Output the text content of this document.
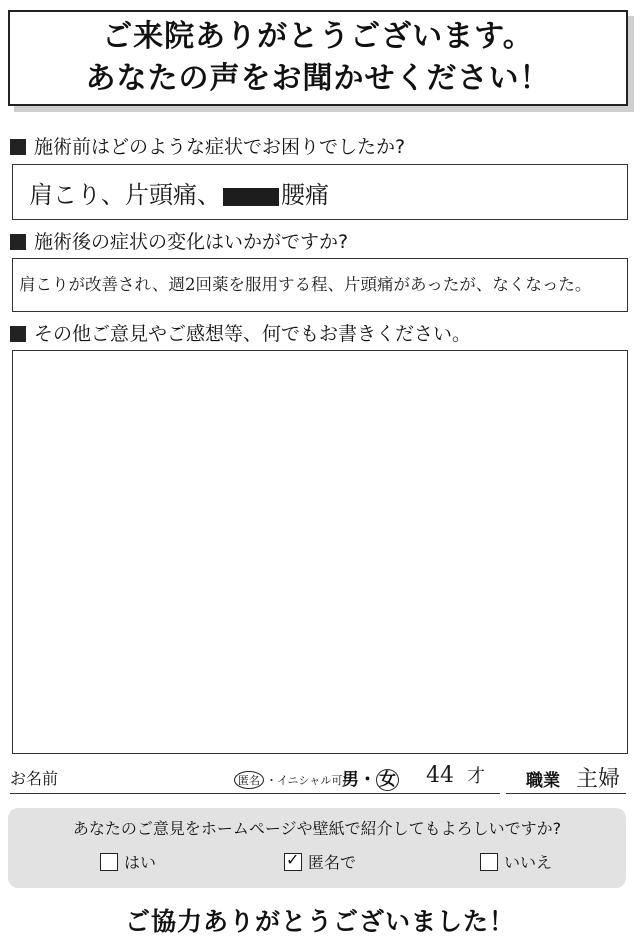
ご来院ありがとうございます。
あなたの声をお聞かせください！
施術前はどのような症状でお困りでしたか?
肩こり、片頭痛、	腰痛
施術後の症状の変化はいかがですか?
肩こりが改善され、週2回薬を服用する程、片頭痛があったが、なくなった。
その他ご意見やご感想等、何でもお書きください。
お名前	匿名 ・イニシャル可)
男・ 女 44 才 職業 主婦
あなたのご意見をホームページや壁紙で紹介してもよろしいですか?
はい	✓ 匿名で	いいえ
ご協力ありがとうございました！
